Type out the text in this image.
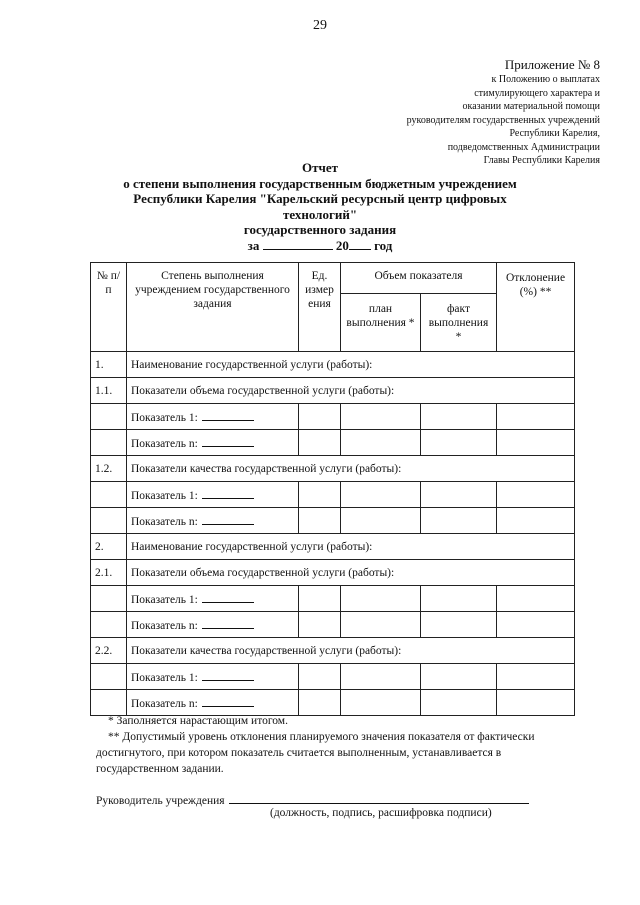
29
Приложение № 8
к Положению о выплатах
стимулирующего характера и
оказании материальной помощи
руководителям государственных учреждений
Республики Карелия,
подведомственных Администрации
Главы Республики Карелия
Отчет
о степени выполнения государственным бюджетным учреждением
Республики Карелия "Карельский ресурсный центр цифровых
технологий"
государственного задания
за	20 год
№ п/п	Степень выполнения учреждением государственного задания	Ед. измер ения	Объем показателя		Отклонение (%) **
			план выполнения *	факт выполнения *	
1.	Наименование государственной услуги (работы):				
1.1.	Показатели объема государственной услуги (работы):				
	Показатель 1:				
	Показатель n:				
1.2.	Показатели качества государственной услуги (работы):				
	Показатель 1:				
	Показатель n:				
2.	Наименование государственной услуги (работы):				
2.1.	Показатели объема государственной услуги (работы):				
	Показатель 1:				
	Показатель n:				
2.2.	Показатели качества государственной услуги (работы):				
	Показатель 1:				
	Показатель n:				

* Заполняется нарастающим итогом.

** Допустимый уровень отклонения планируемого значения показателя от фактически достигнутого, при котором показатель считается выполненным, устанавливается в государственном задании.

Руководитель учреждения
(должность, подпись, расшифровка подписи)
